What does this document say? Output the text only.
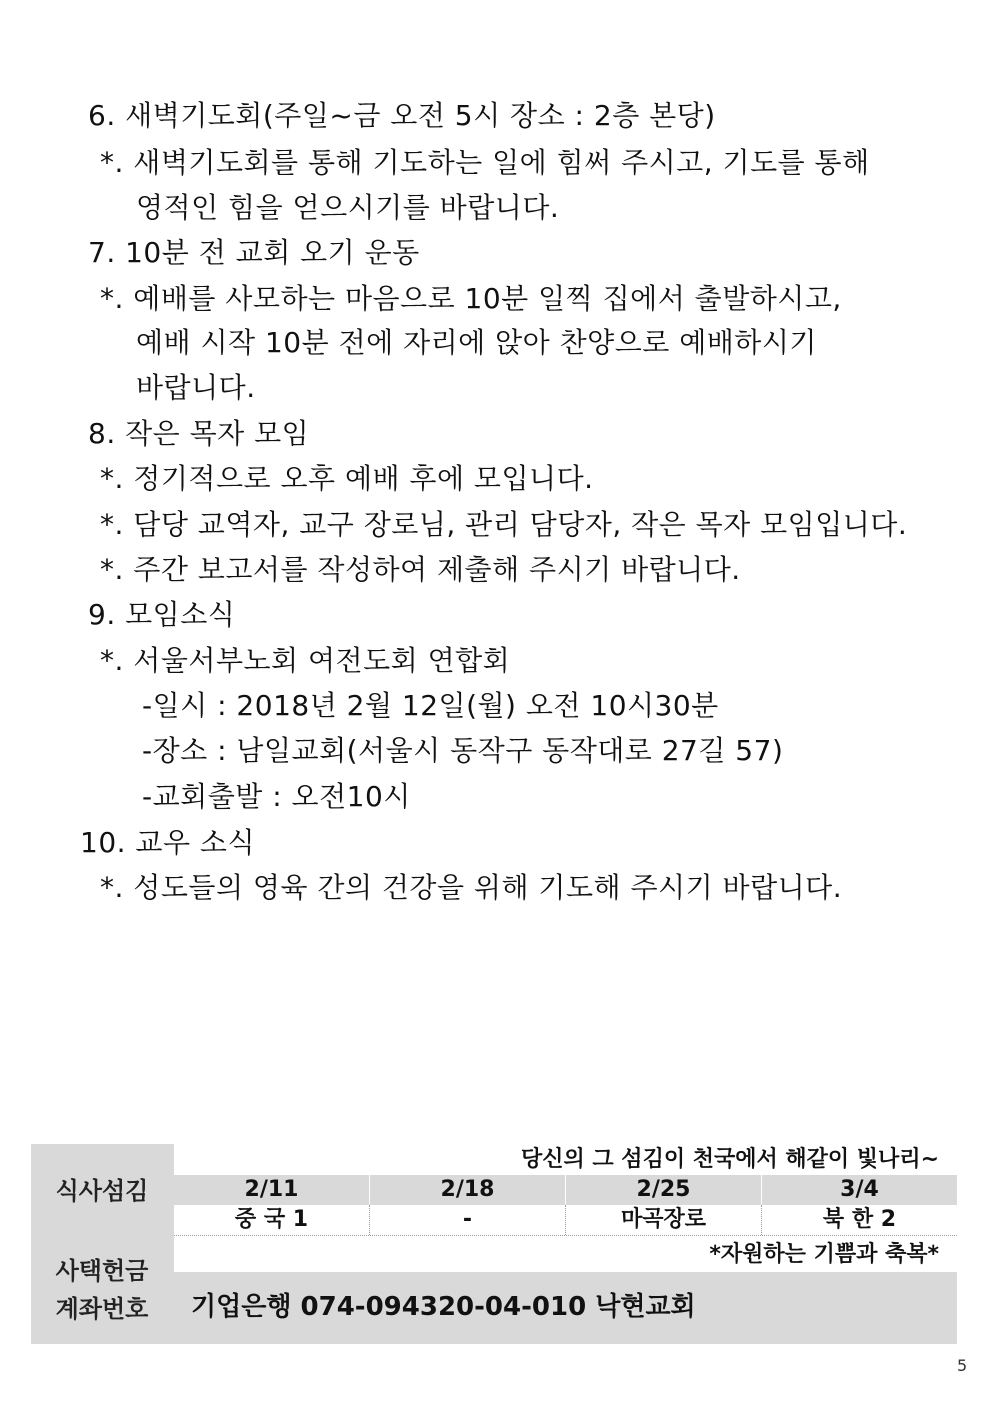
6. 새벽기도회(주일~금 오전 5시 장소 : 2층 본당)
*. 새벽기도회를 통해 기도하는 일에 힘써 주시고, 기도를 통해
영적인 힘을 얻으시기를 바랍니다.
7. 10분 전 교회 오기 운동
*. 예배를 사모하는 마음으로 10분 일찍 집에서 출발하시고,
예배 시작 10분 전에 자리에 앉아 찬양으로 예배하시기
바랍니다.
8. 작은 목자 모임
*. 정기적으로 오후 예배 후에 모입니다.
*. 담당 교역자, 교구 장로님, 관리 담당자, 작은 목자 모임입니다.
*. 주간 보고서를 작성하여 제출해 주시기 바랍니다.
9. 모임소식
*. 서울서부노회 여전도회 연합회
-일시 : 2018년 2월 12일(월) 오전 10시30분
-장소 : 남일교회(서울시 동작구 동작대로 27길 57)
-교회출발 : 오전10시
10. 교우 소식
*. 성도들의 영육 간의 건강을 위해 기도해 주시기 바랍니다.
당신의 그 섬김이 천국에서 해같이 빛나리~
식사섬김	2/11	2/18	2/25	3/4
중 국 1	-	마곡장로	북 한 2
*자원하는 기쁨과 축복*
사택헌금
계좌번호	기업은행 074-094320-04-010 낙현교회
5
